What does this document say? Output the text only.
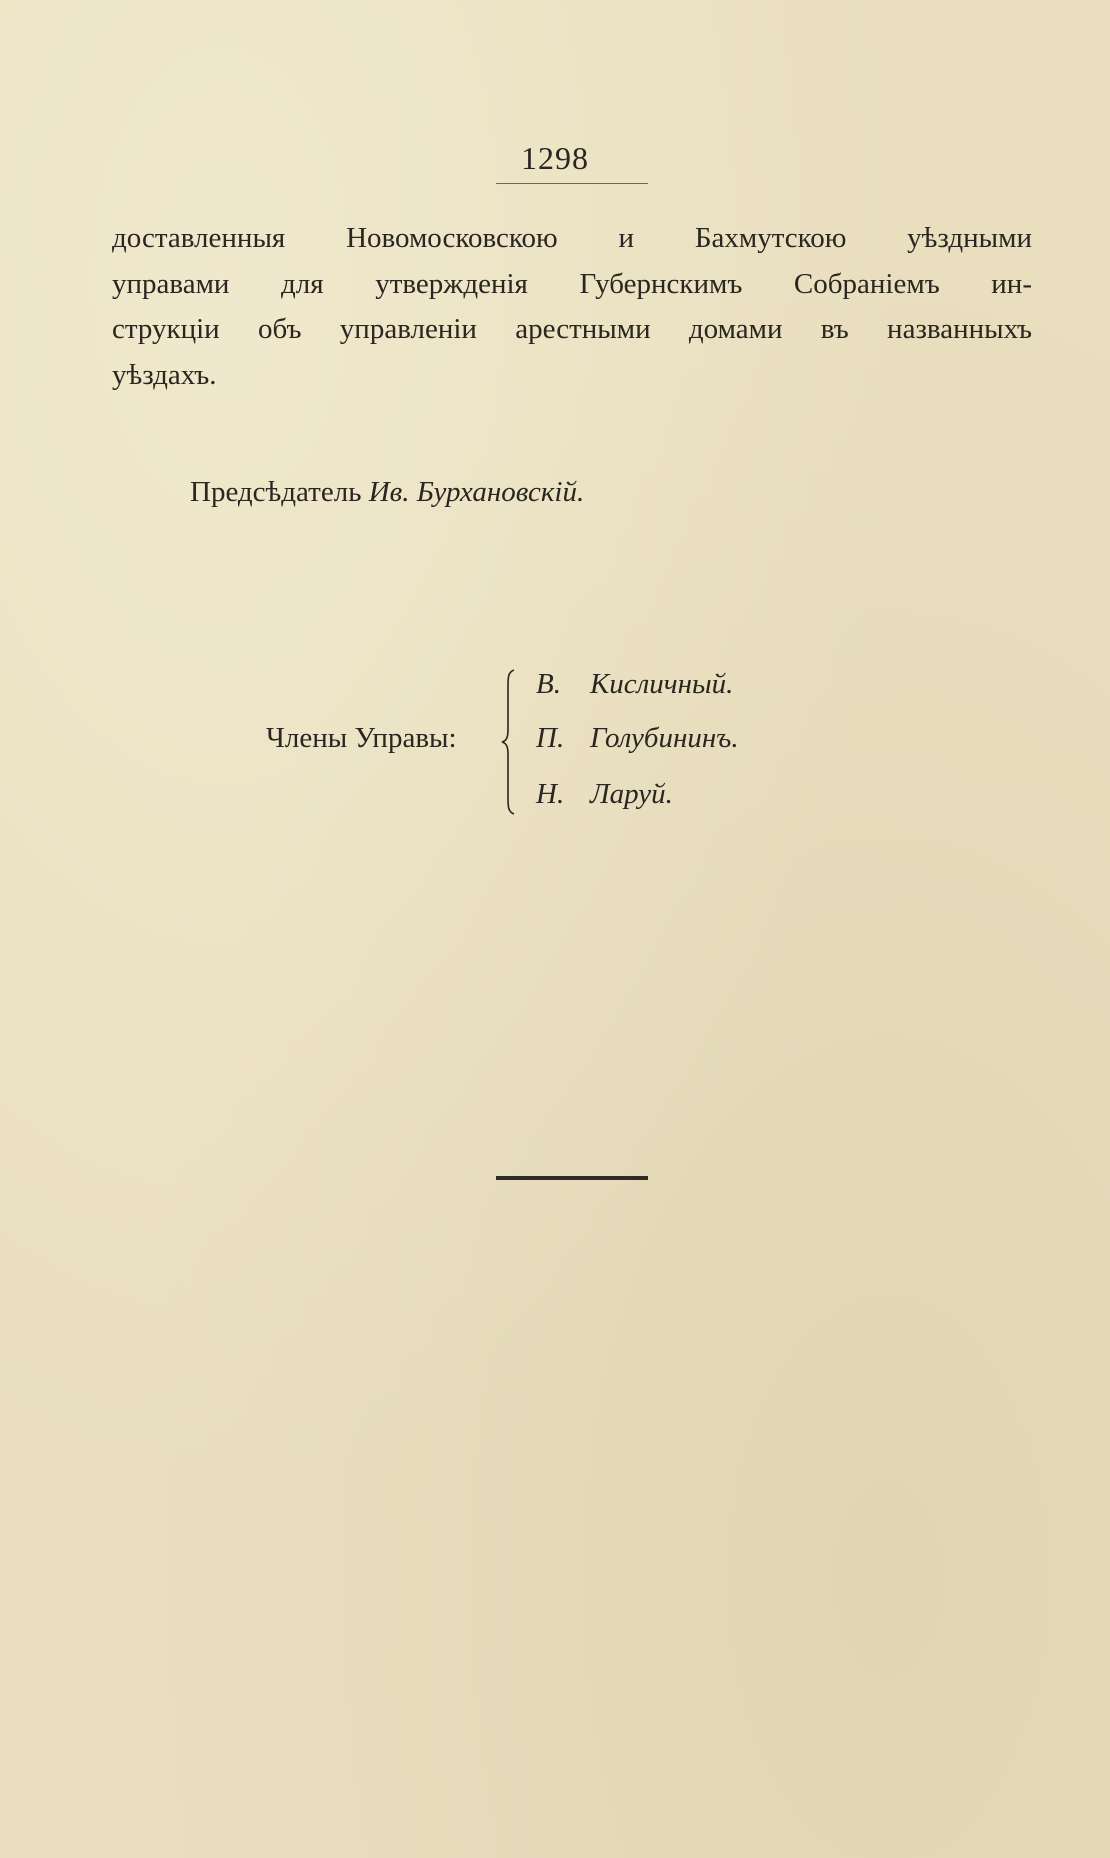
1298
доставленныя Новомосковскою и Бахмутскою уѣздными
управами для утвержденія Губернскимъ Собраніемъ ин-
струкціи объ управленіи арестными домами въ названныхъ
уѣздахъ.
Предсѣдатель Ив. Бурхановскій.
Члены Управы:
В. Кисличный.
П. Голубининъ.
Н. Ларуй.
